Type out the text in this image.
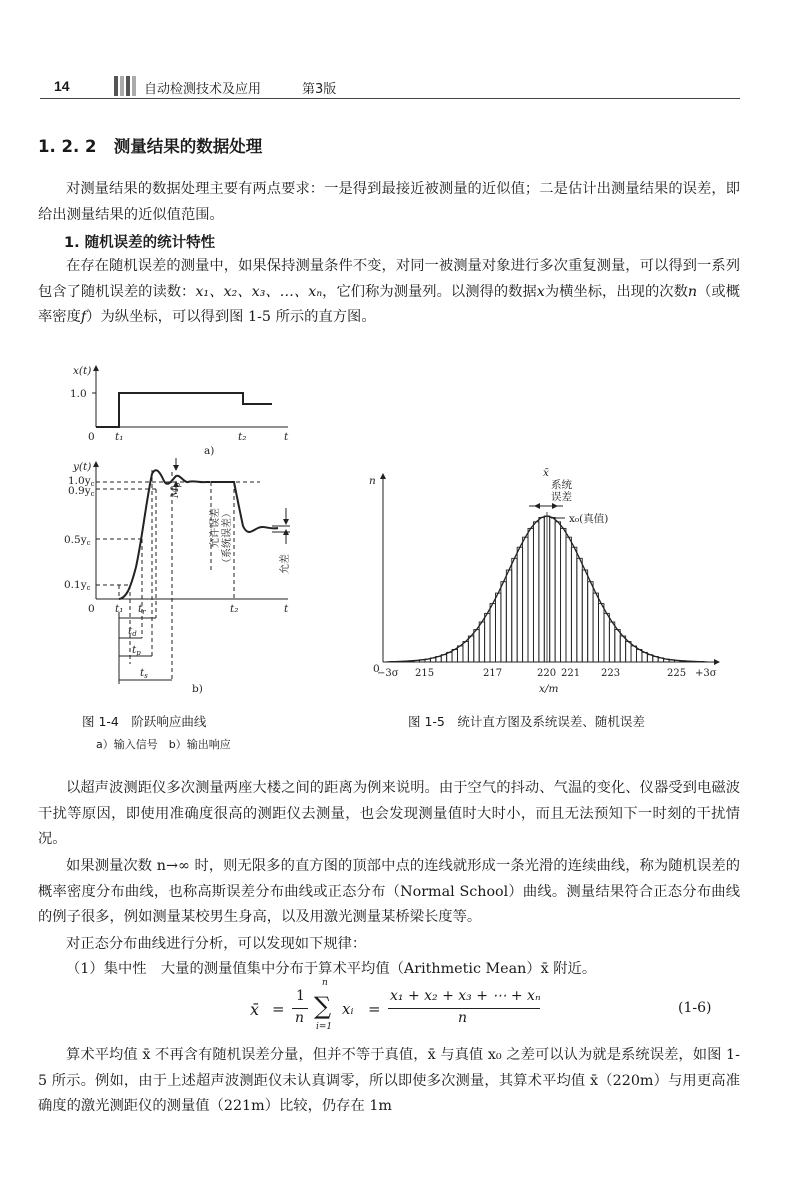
14	自动检测技术及应用	第3版
1. 2. 2 测量结果的数据处理

对测量结果的数据处理主要有两点要求：一是得到最接近被测量的近似值；二是估计出测量结果的误差，即给出测量结果的近似值范围。

1. 随机误差的统计特性

在存在随机误差的测量中，如果保持测量条件不变，对同一被测量对象进行多次重复测量，可以得到一系列包含了随机误差的读数：x₁、x₂、x₃、…、xₙ，它们称为测量列。以测得的数据x为横坐标，出现的次数n（或概率密度f）为纵坐标，可以得到图 1-5 所示的直方图。

x(t)
1.0
0 t₁	t₂	t
a)
y(t)
1.0yc
0.9yc
0.5yc
0.1yc
0 t₁ tr	t₂	t
td
tp
ts
b)
Mp
允许误差 （系统误差）	允差
图 1-4　阶跃响应曲线
a）输入信号　b）输出响应
−3σ 215	217	220 221 223	225 +3σ
n
0
x̄
系统
误差
x₀(真值)
x/m
图 1-5　统计直方图及系统误差、随机误差

以超声波测距仪多次测量两座大楼之间的距离为例来说明。由于空气的抖动、气温的变化、仪器受到电磁波干扰等原因，即使用准确度很高的测距仪去测量，也会发现测量值时大时小，而且无法预知下一时刻的干扰情况。

如果测量次数 n→∞ 时，则无限多的直方图的顶部中点的连线就形成一条光滑的连续曲线，称为随机误差的概率密度分布曲线，也称高斯误差分布曲线或正态分布（Normal School）曲线。测量结果符合正态分布曲线的例子很多，例如测量某校男生身高，以及用激光测量某桥梁长度等。

对正态分布曲线进行分析，可以发现如下规律：

（1）集中性　大量的测量值集中分布于算术平均值（Arithmetic Mean）x̄ 附近。

x̄ =
1
n ∑
n
i=1
xᵢ =
x₁ + x₂ + x₃ + ⋯ + xₙ
n
(1-6)

算术平均值 x̄ 不再含有随机误差分量，但并不等于真值，x̄ 与真值 x₀ 之差可以认为就是系统误差，如图 1-5 所示。例如，由于上述超声波测距仪未认真调零，所以即使多次测量，其算术平均值 x̄（220m）与用更高准确度的激光测距仪的测量值（221m）比较，仍存在 1m
